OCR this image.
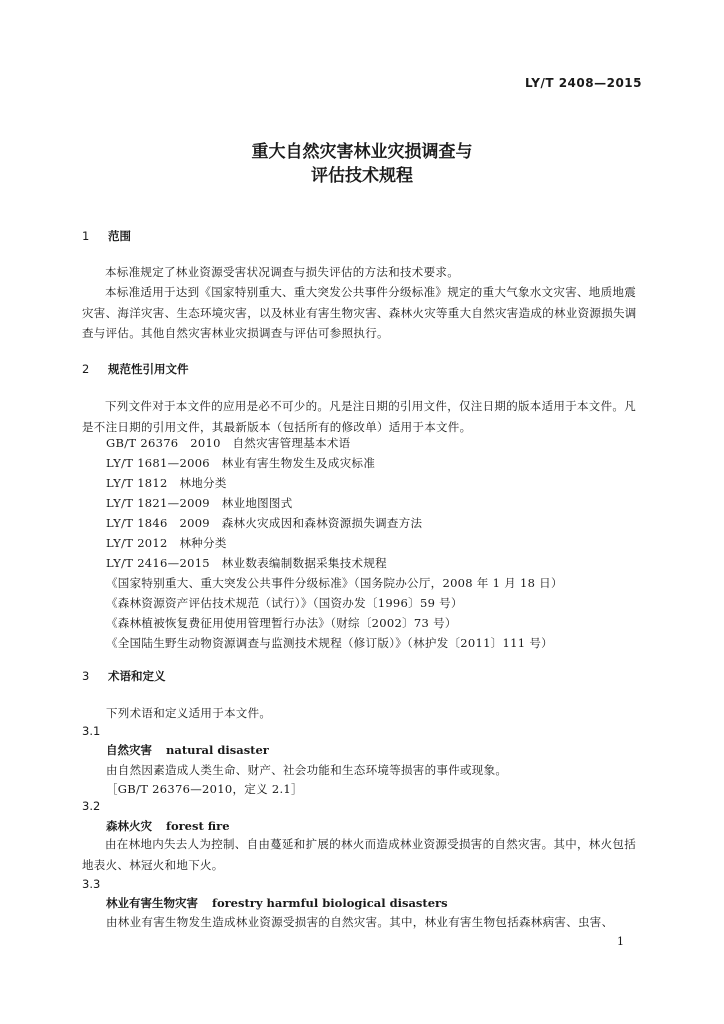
LY/T 2408—2015
重大自然灾害林业灾损调查与
评估技术规程
1 范围
本标准规定了林业资源受害状况调查与损失评估的方法和技术要求。
本标准适用于达到《国家特别重大、重大突发公共事件分级标准》规定的重大气象水文灾害、地质地震灾害、海洋灾害、生态环境灾害，以及林业有害生物灾害、森林火灾等重大自然灾害造成的林业资源损失调查与评估。其他自然灾害林业灾损调查与评估可参照执行。
2 规范性引用文件
下列文件对于本文件的应用是必不可少的。凡是注日期的引用文件，仅注日期的版本适用于本文件。凡是不注日期的引用文件，其最新版本（包括所有的修改单）适用于本文件。
GB/T 26376　2010　自然灾害管理基本术语
LY/T 1681—2006　林业有害生物发生及成灾标准
LY/T 1812　林地分类
LY/T 1821—2009　林业地图图式
LY/T 1846　2009　森林火灾成因和森林资源损失调查方法
LY/T 2012　林种分类
LY/T 2416—2015　林业数表编制数据采集技术规程
《国家特别重大、重大突发公共事件分级标准》（国务院办公厅，2008 年 1 月 18 日）
《森林资源资产评估技术规范（试行）》（国资办发〔1996〕59 号）
《森林植被恢复费征用使用管理暂行办法》（财综〔2002〕73 号）
《全国陆生野生动物资源调查与监测技术规程（修订版）》（林护发〔2011〕111 号）
3 术语和定义
下列术语和定义适用于本文件。
3.1
自然灾害 natural disaster
由自然因素造成人类生命、财产、社会功能和生态环境等损害的事件或现象。
［GB/T 26376—2010，定义 2.1］
3.2
森林火灾 forest fire
由在林地内失去人为控制、自由蔓延和扩展的林火而造成林业资源受损害的自然灾害。其中，林火包括地表火、林冠火和地下火。
3.3
林业有害生物灾害 forestry harmful biological disasters
由林业有害生物发生造成林业资源受损害的自然灾害。其中，林业有害生物包括森林病害、虫害、
1
